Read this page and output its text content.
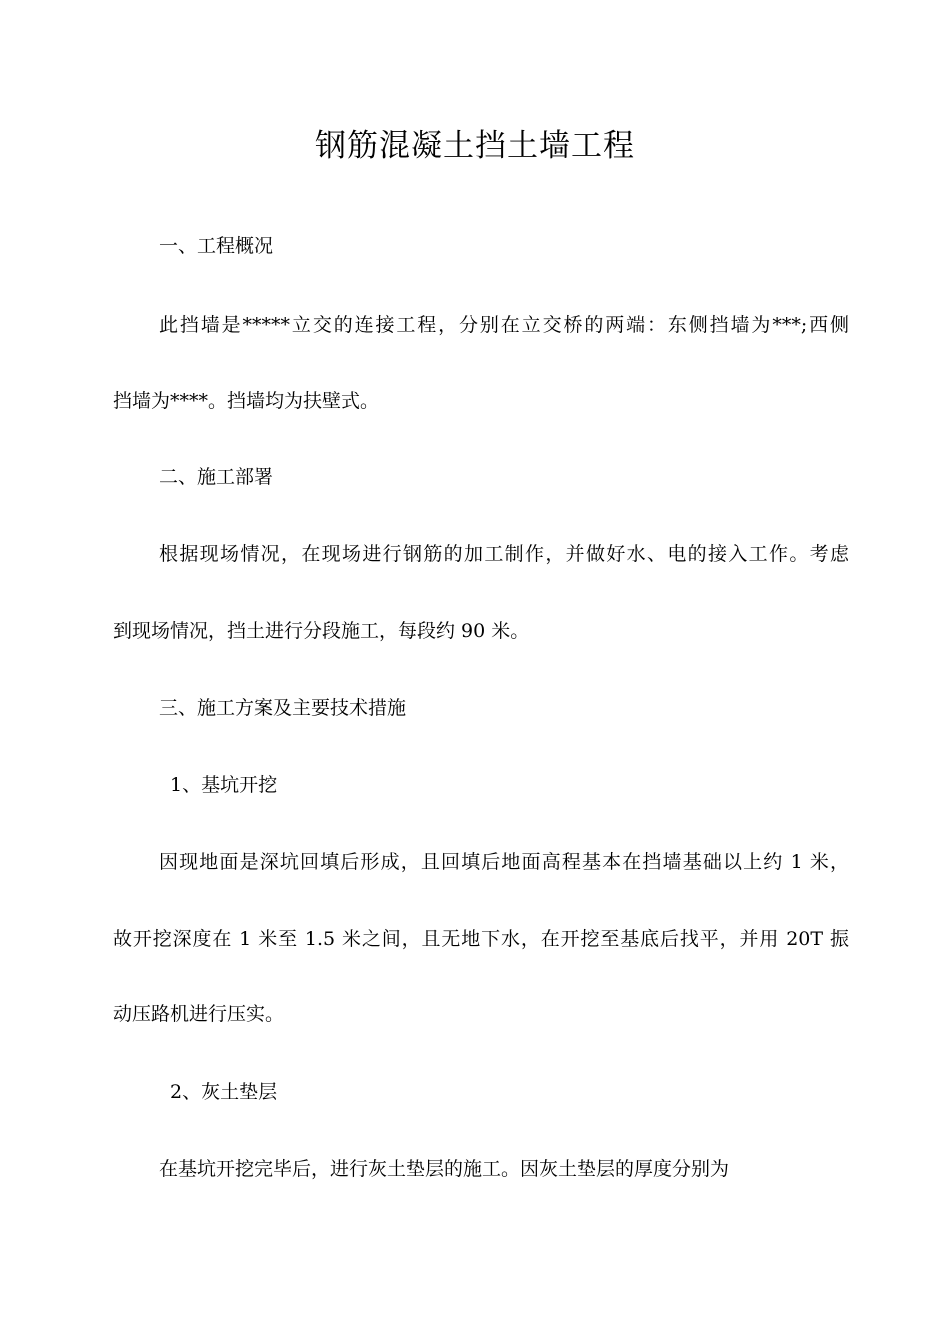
钢筋混凝土挡土墙工程
一、工程概况
此挡墙是*****立交的连接工程，分别在立交桥的两端：东侧挡墙为***;西侧
挡墙为****。挡墙均为扶壁式。
二、施工部署
根据现场情况，在现场进行钢筋的加工制作，并做好水、电的接入工作。考虑
到现场情况，挡土进行分段施工，每段约 90 米。
三、施工方案及主要技术措施
1、基坑开挖
因现地面是深坑回填后形成，且回填后地面高程基本在挡墙基础以上约 1 米，
故开挖深度在 1 米至 1.5 米之间，且无地下水，在开挖至基底后找平，并用 20T 振
动压路机进行压实。
2、灰土垫层
在基坑开挖完毕后，进行灰土垫层的施工。因灰土垫层的厚度分别为
